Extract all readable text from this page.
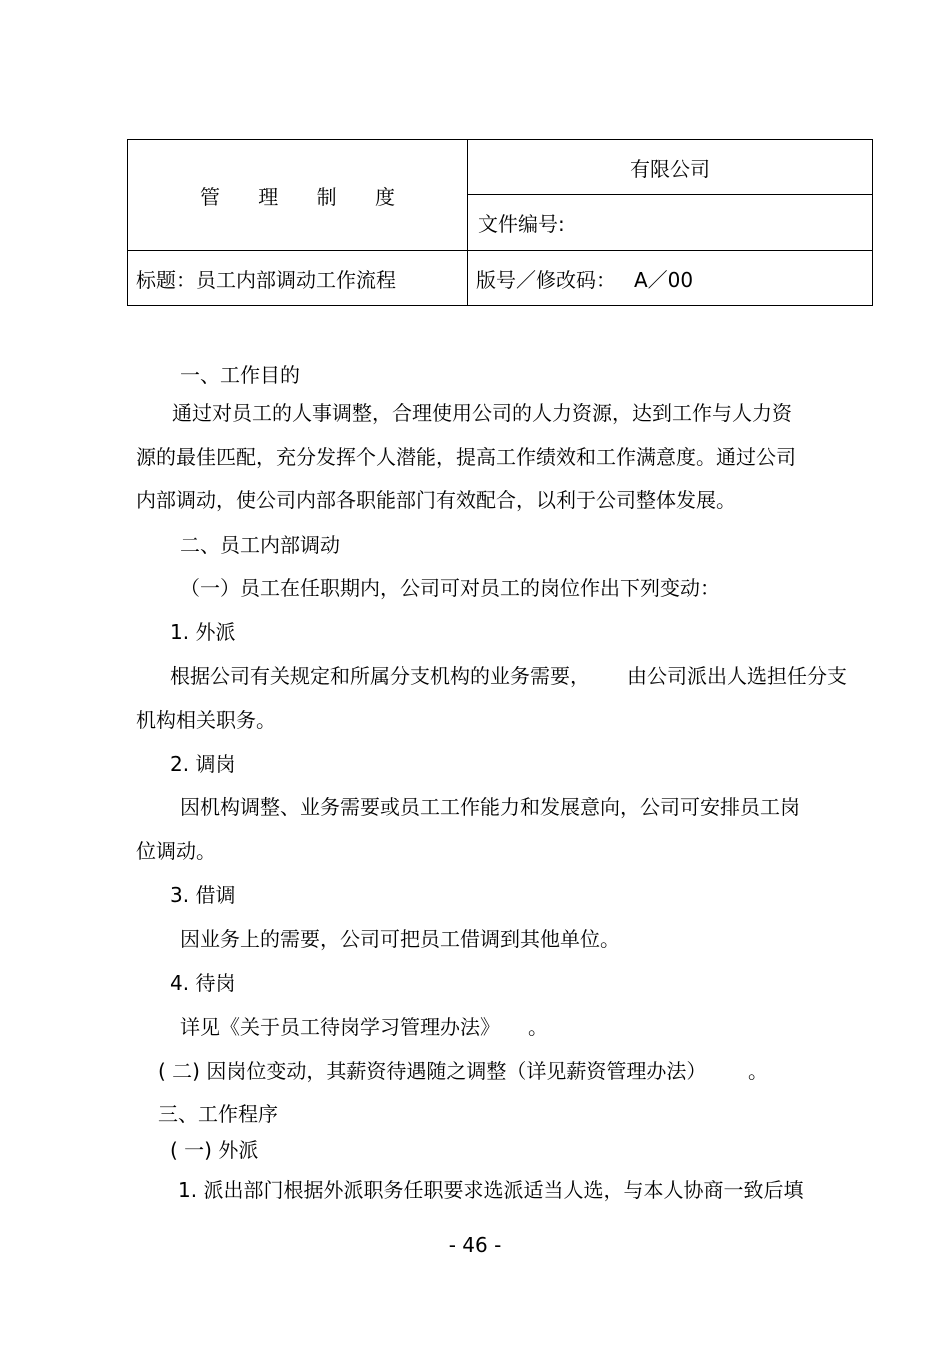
管 理 制 度	有限公司
	文件编号:
标题：员工内部调动工作流程	版号／修改码： A／00
一、工作目的
通过对员工的人事调整，合理使用公司的人力资源，达到工作与人力资
源的最佳匹配，充分发挥个人潜能，提高工作绩效和工作满意度。通过公司
内部调动，使公司内部各职能部门有效配合，以利于公司整体发展。
二、员工内部调动
（一）员工在任职期内，公司可对员工的岗位作出下列变动：
1. 外派
根据公司有关规定和所属分支机构的业务需要， 由公司派出人选担任分支
机构相关职务。
2. 调岗
因机构调整、业务需要或员工工作能力和发展意向，公司可安排员工岗
位调动。
3. 借调
因业务上的需要，公司可把员工借调到其他单位。
4. 待岗
详见《关于员工待岗学习管理办法》 。
( 二) 因岗位变动，其薪资待遇随之调整（详见薪资管理办法） 。
三、工作程序
( 一) 外派
1. 派出部门根据外派职务任职要求选派适当人选，与本人协商一致后填
- 46 -
